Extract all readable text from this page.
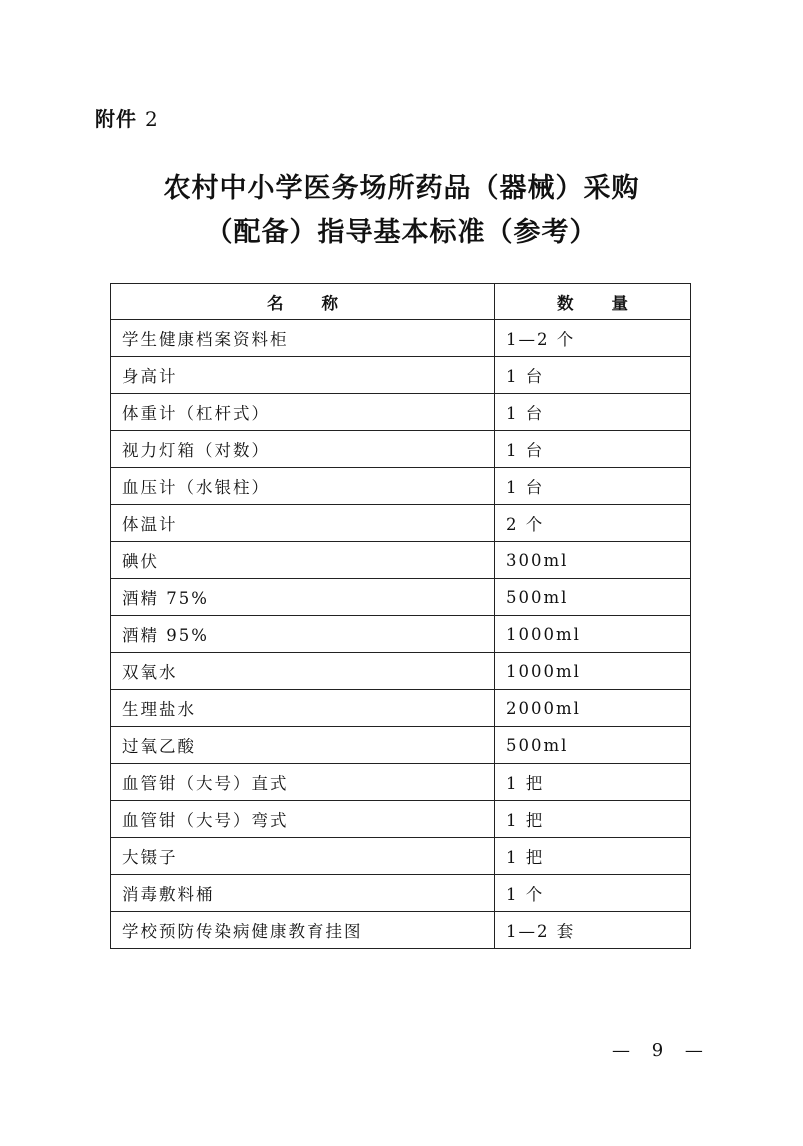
附件 2
农村中小学医务场所药品（器械）采购
（配备）指导基本标准（参考）
名称	数量
学生健康档案资料柜	1—2 个
身高计	1 台
体重计（杠杆式）	1 台
视力灯箱（对数）	1 台
血压计（水银柱）	1 台
体温计	2 个
碘伏	300ml
酒精 75%	500ml
酒精 95%	1000ml
双氧水	1000ml
生理盐水	2000ml
过氧乙酸	500ml
血管钳（大号）直式	1 把
血管钳（大号）弯式	1 把
大镊子	1 把
消毒敷料桶	1 个
学校预防传染病健康教育挂图	1—2 套
— 9 —
